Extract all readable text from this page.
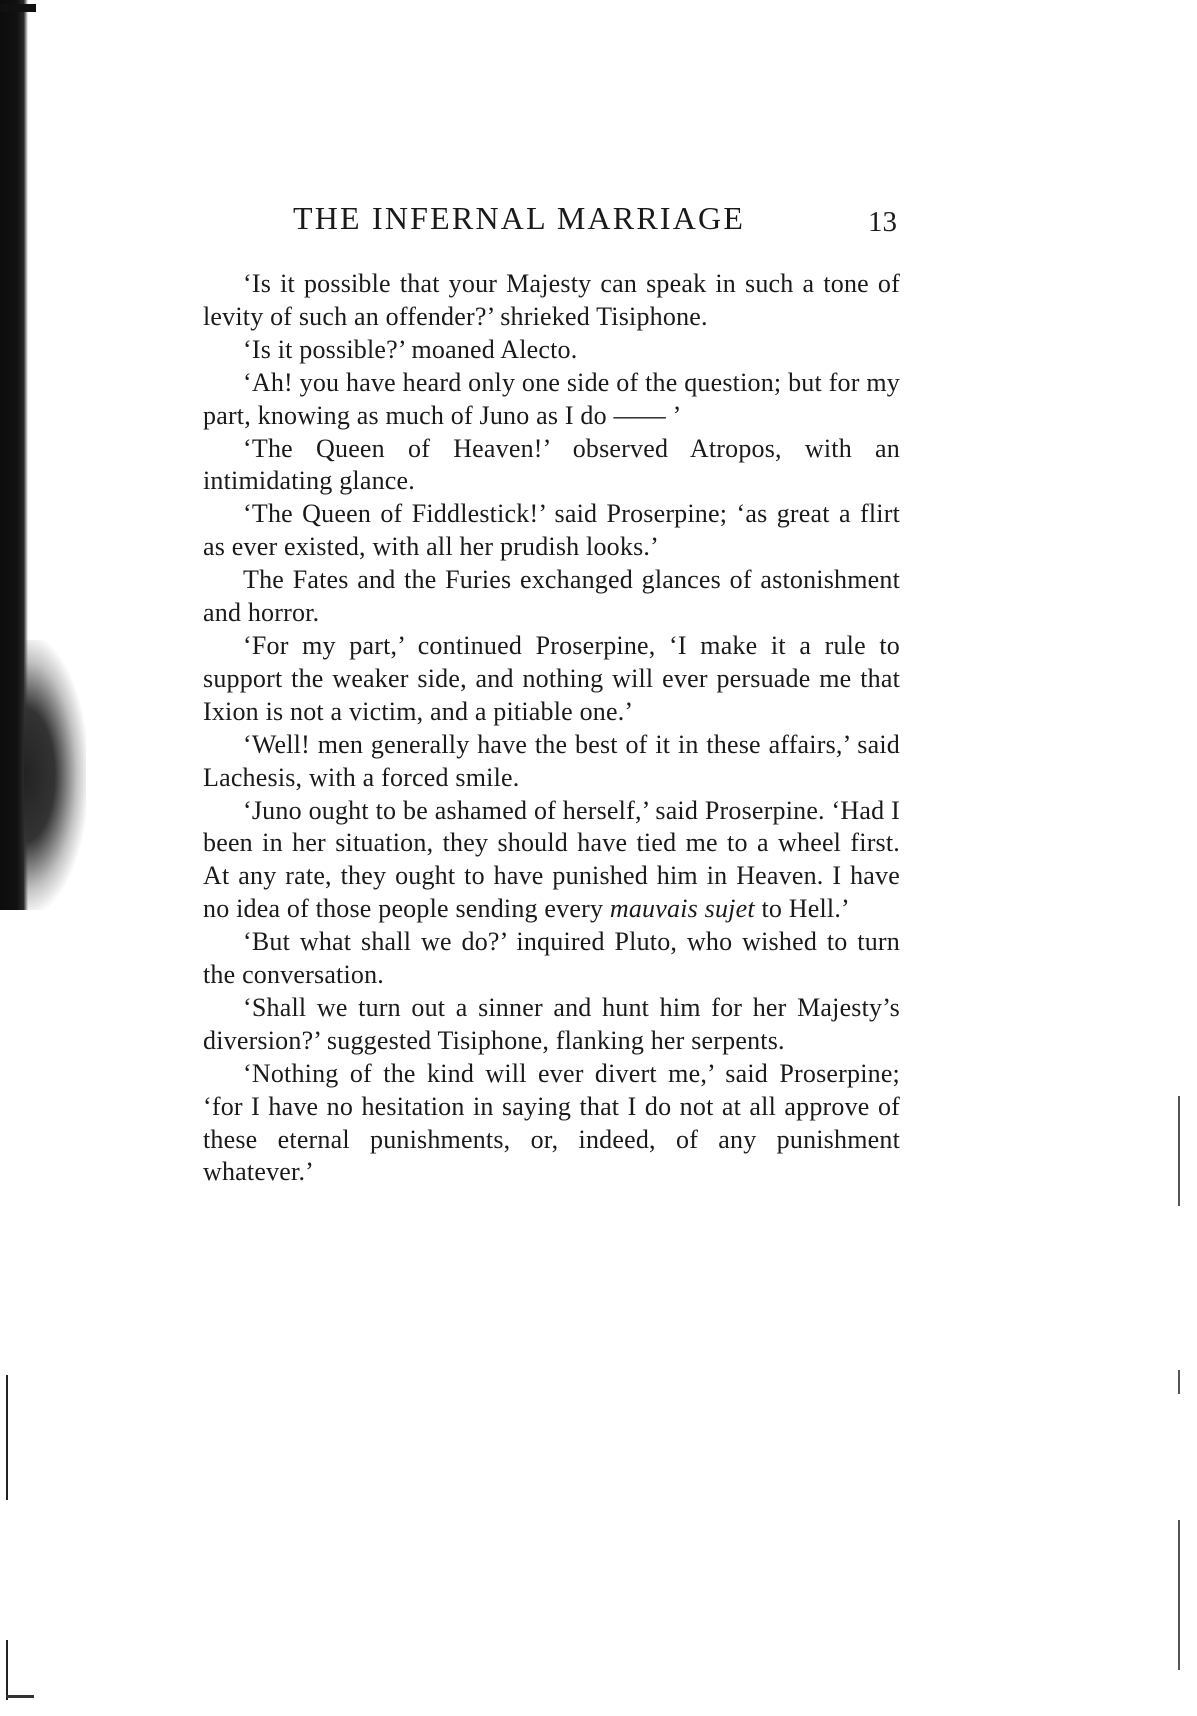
THE INFERNAL MARRIAGE	13

‘Is it possible that your Majesty can speak in such a tone of levity of such an offender?’ shrieked Tisiphone.

‘Is it possible?’ moaned Alecto.

‘Ah! you have heard only one side of the question; but for my part, knowing as much of Juno as I do —— ’

‘The Queen of Heaven!’ observed Atropos, with an intimidating glance.

‘The Queen of Fiddlestick!’ said Proserpine; ‘as great a flirt as ever existed, with all her prudish looks.’

The Fates and the Furies exchanged glances of astonishment and horror.

‘For my part,’ continued Proserpine, ‘I make it a rule to support the weaker side, and nothing will ever persuade me that Ixion is not a victim, and a pitiable one.’

‘Well! men generally have the best of it in these affairs,’ said Lachesis, with a forced smile.

‘Juno ought to be ashamed of herself,’ said Proserpine. ‘Had I been in her situation, they should have tied me to a wheel first. At any rate, they ought to have punished him in Heaven. I have no idea of those people sending every mauvais sujet to Hell.’

‘But what shall we do?’ inquired Pluto, who wished to turn the conversation.

‘Shall we turn out a sinner and hunt him for her Majesty’s diversion?’ suggested Tisiphone, flanking her serpents.

‘Nothing of the kind will ever divert me,’ said Proserpine; ‘for I have no hesitation in saying that I do not at all approve of these eternal punishments, or, indeed, of any punishment whatever.’
